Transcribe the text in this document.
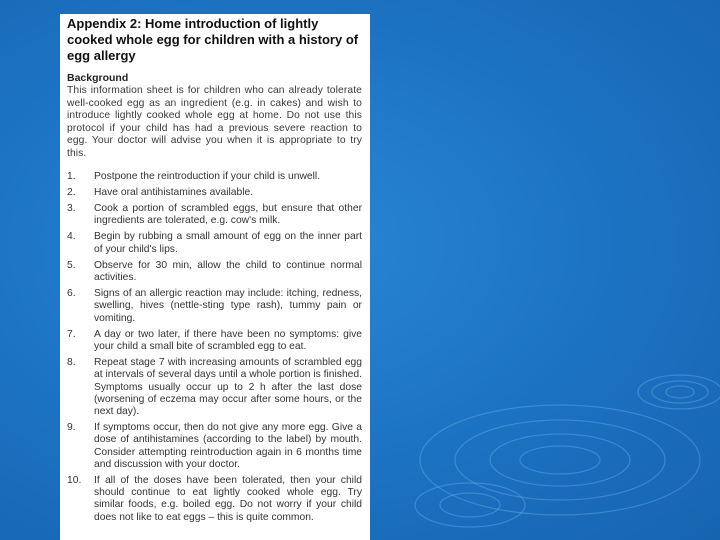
Appendix 2: Home introduction of lightly cooked whole egg for children with a history of egg allergy
Background

This information sheet is for children who can already tolerate well-cooked egg as an ingredient (e.g. in cakes) and wish to introduce lightly cooked whole egg at home. Do not use this protocol if your child has had a previous severe reaction to egg. Your doctor will advise you when it is appropriate to try this.

1.	Postpone the reintroduction if your child is unwell.
2.	Have oral antihistamines available.
3.	Cook a portion of scrambled eggs, but ensure that other ingredients are tolerated, e.g. cow's milk.
4.	Begin by rubbing a small amount of egg on the inner part of your child's lips.
5.	Observe for 30 min, allow the child to continue normal activities.
6.	Signs of an allergic reaction may include: itching, redness, swelling, hives (nettle-sting type rash), tummy pain or vomiting.
7.	A day or two later, if there have been no symptoms: give your child a small bite of scrambled egg to eat.
8.	Repeat stage 7 with increasing amounts of scrambled egg at intervals of several days until a whole portion is finished. Symptoms usually occur up to 2 h after the last dose (worsening of eczema may occur after some hours, or the next day).
9.	If symptoms occur, then do not give any more egg. Give a dose of antihistamines (according to the label) by mouth. Consider attempting reintroduction again in 6 months time and discussion with your doctor.
10.	If all of the doses have been tolerated, then your child should continue to eat lightly cooked whole egg. Try similar foods, e.g. boiled egg. Do not worry if your child does not like to eat eggs – this is quite common.
